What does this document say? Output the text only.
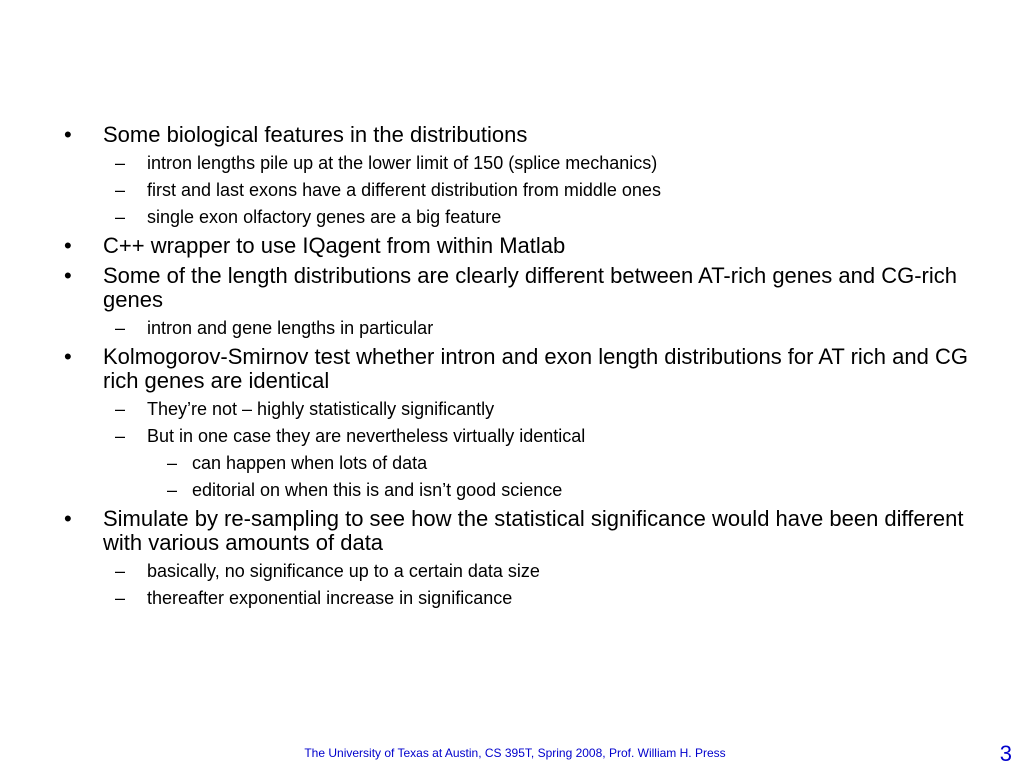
• Some biological features in the distributions
– intron lengths pile up at the lower limit of 150 (splice mechanics)
– first and last exons have a different distribution from middle ones
– single exon olfactory genes are a big feature
• C++ wrapper to use IQagent from within Matlab
• Some of the length distributions are clearly different between AT-rich genes and CG-rich genes
– intron and gene lengths in particular
• Kolmogorov-Smirnov test whether intron and exon length distributions for AT rich and CG rich genes are identical
– They’re not – highly statistically significantly
– But in one case they are nevertheless virtually identical
– can happen when lots of data
– editorial on when this is and isn’t good science
• Simulate by re-sampling to see how the statistical significance would have been different with various amounts of data
– basically, no significance up to a certain data size
– thereafter exponential increase in significance
The University of Texas at Austin, CS 395T, Spring 2008, Prof. William H. Press	3
